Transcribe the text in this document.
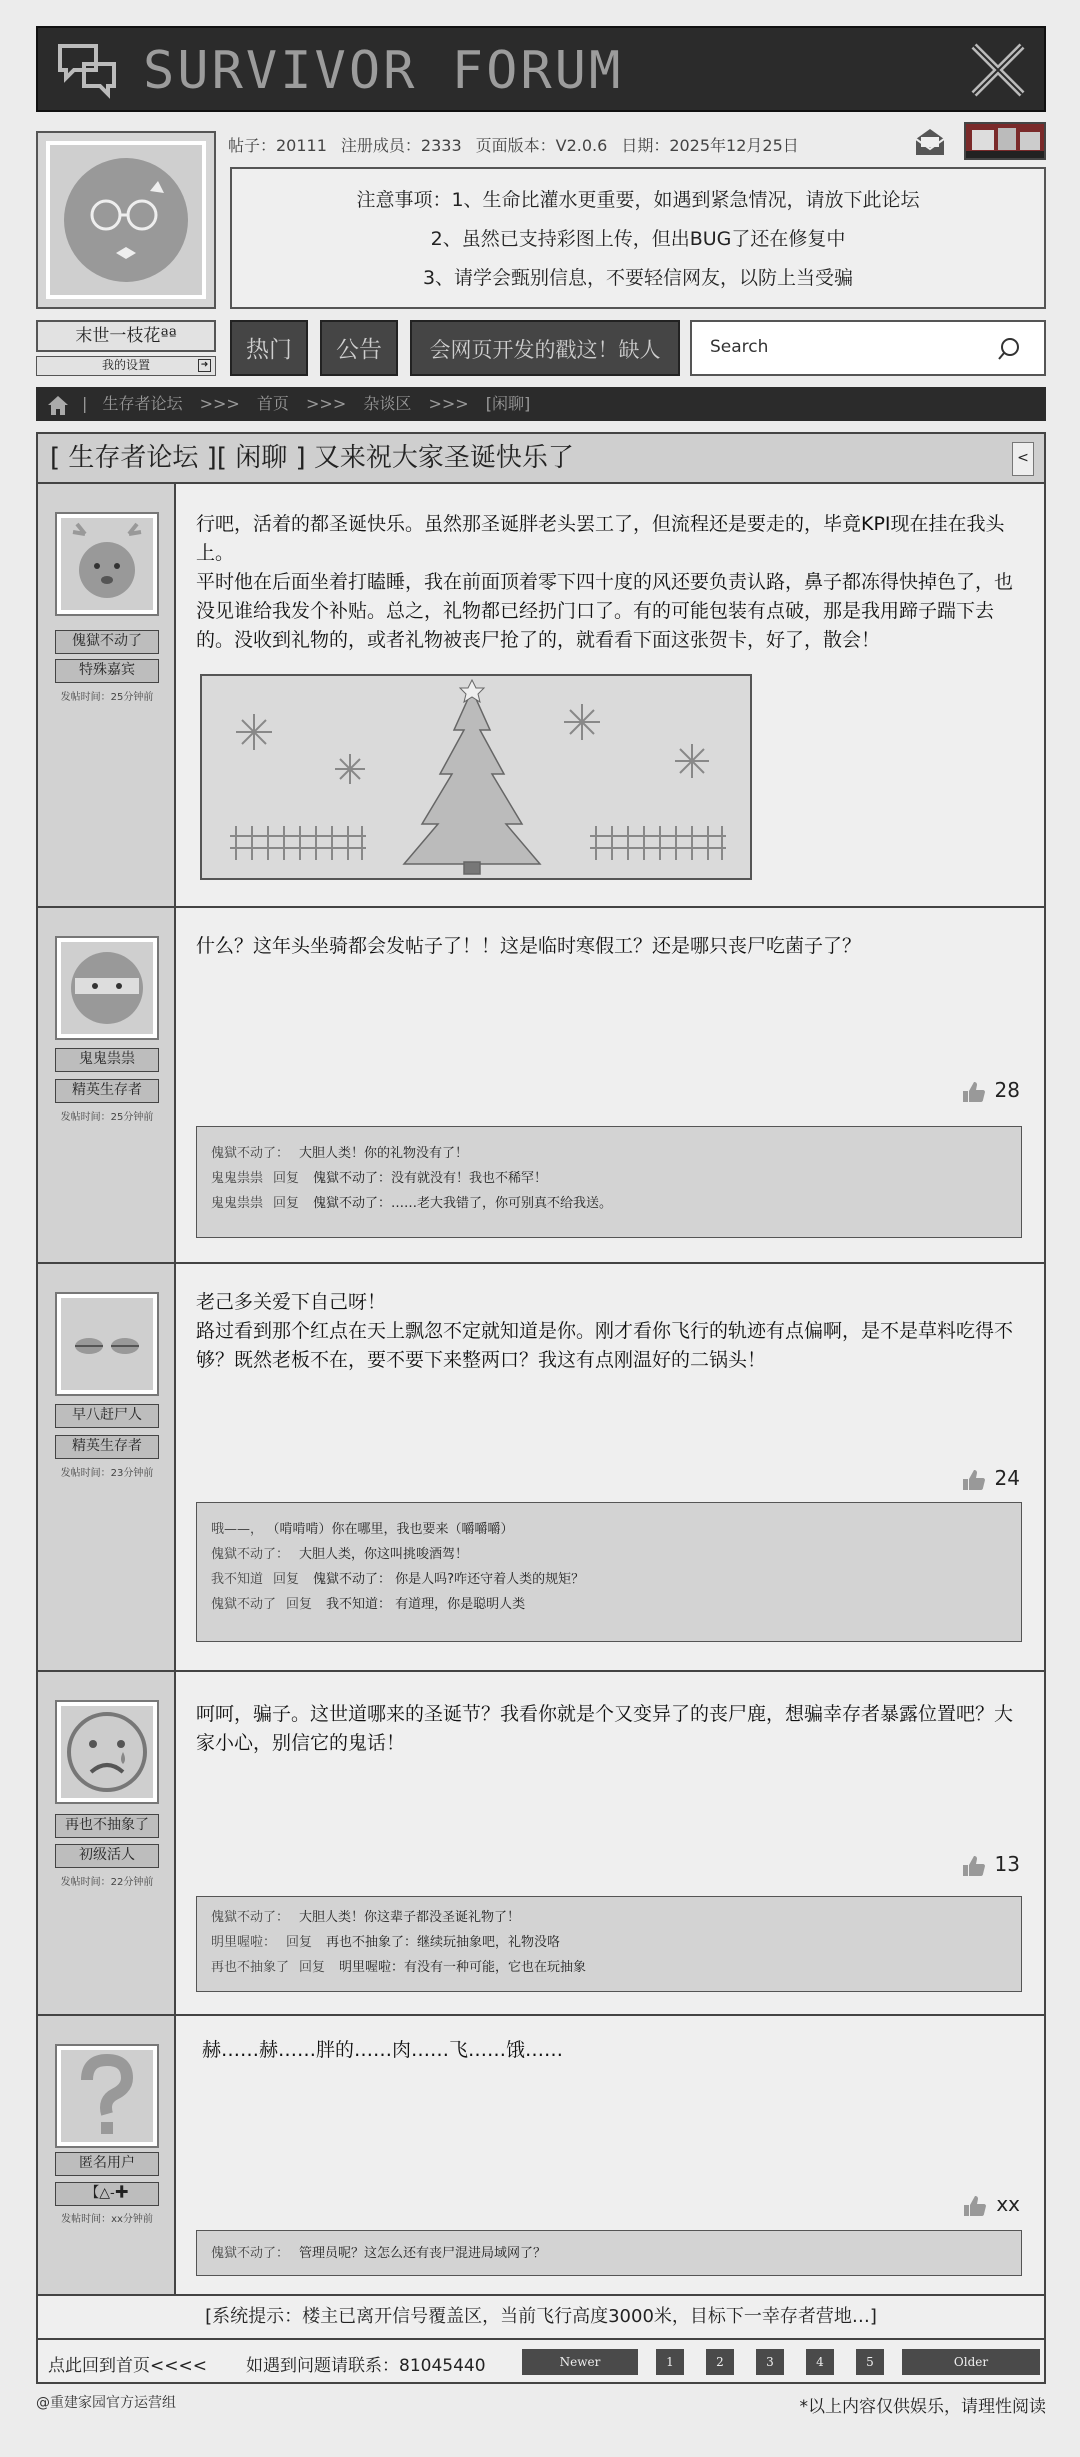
SURVIVOR FORUM
末世一枝花ªª
我的设置	➜
帖子：20111 注册成员：2333 页面版本：V2.0.6 日期：2025年12月25日
注意事项：1、生命比灌水更重要，如遇到紧急情况，请放下此论坛
2、虽然已支持彩图上传，但出BUG了还在修复中
3、请学会甄别信息，不要轻信网友，以防上当受骗
热门	公告	会网页开发的戳这！缺人	Search
| 生存者论坛 >>> 首页 >>> 杂谈区 >>> [闲聊]
[ 生存者论坛 ][ 闲聊 ] 又来祝大家圣诞快乐了	<
傀獄不动了
特殊嘉宾
发帖时间：25分钟前
行吧，活着的都圣诞快乐。虽然那圣诞胖老头罢工了，但流程还是要走的，毕竟KPI现在挂在我头上。
平时他在后面坐着打瞌睡，我在前面顶着零下四十度的风还要负责认路，鼻子都冻得快掉色了，也没见谁给我发个补贴。总之，礼物都已经扔门口了。有的可能包装有点破，那是我用蹄子踹下去的。没收到礼物的，或者礼物被丧尸抢了的，就看看下面这张贺卡，好了，散会！
鬼鬼祟祟
精英生存者
发帖时间：25分钟前
什么？这年头坐骑都会发帖子了！！这是临时寒假工？还是哪只丧尸吃菌子了？
28
傀獄不动了： 大胆人类！你的礼物没有了！
鬼鬼祟祟 回复 傀獄不动了：没有就没有！我也不稀罕！
鬼鬼祟祟 回复 傀獄不动了：……老大我错了，你可别真不给我送。
早八赶尸人
精英生存者
发帖时间：23分钟前
老己多关爱下自己呀！
路过看到那个红点在天上飘忽不定就知道是你。刚才看你飞行的轨迹有点偏啊，是不是草料吃得不够？既然老板不在，要不要下来整两口？我这有点刚温好的二锅头！
24
哦——， （啃啃啃）你在哪里，我也要来（嚼嚼嚼）
傀獄不动了： 大胆人类，你这叫挑唆酒驾！
我不知道 回复 傀獄不动了： 你是人吗?咋还守着人类的规矩？
傀獄不动了 回复 我不知道： 有道理，你是聪明人类
再也不抽象了
初级活人
发帖时间：22分钟前
呵呵，骗子。这世道哪来的圣诞节？我看你就是个又变异了的丧尸鹿，想骗幸存者暴露位置吧？大家小心，别信它的鬼话！
13
傀獄不动了： 大胆人类！你这辈子都没圣诞礼物了！
明里喔啦： 回复 再也不抽象了：继续玩抽象吧，礼物没咯
再也不抽象了 回复 明里喔啦：有没有一种可能，它也在玩抽象
匿名用户
【△-✚
发帖时间：xx分钟前
赫……赫……胖的……肉……飞……饿……
xx
傀獄不动了： 管理员呢？这怎么还有丧尸混进局域网了？
[系统提示：楼主已离开信号覆盖区，当前飞行高度3000米，目标下一幸存者营地…]
点此回到首页<<<< 如遇到问题请联系：81045440	Newer	1	2	3	4	5	Older
@重建家园官方运营组	*以上内容仅供娱乐，请理性阅读
